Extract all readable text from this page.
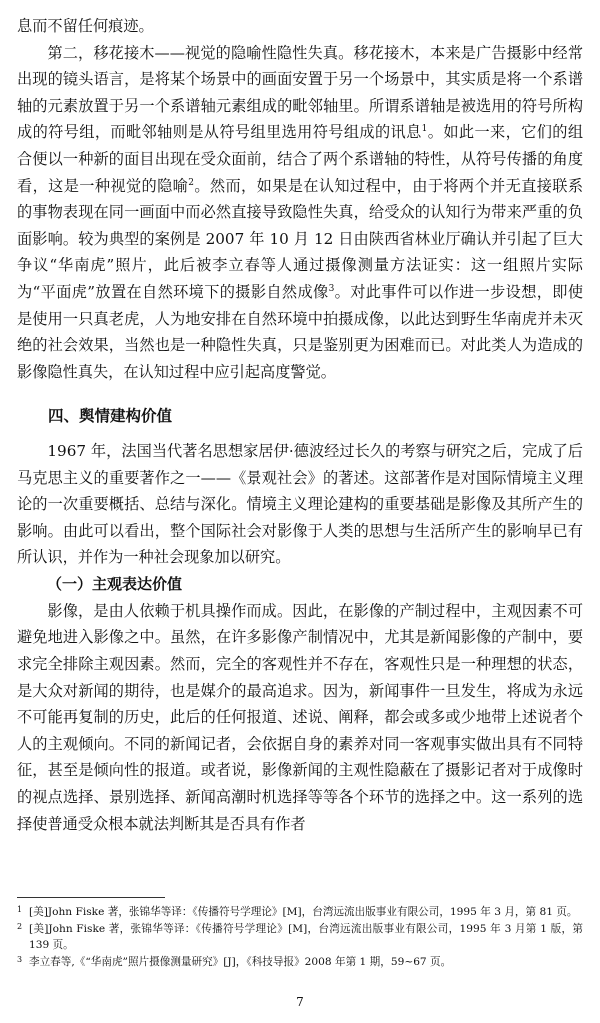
息而不留任何痕迹。

第二，移花接木——视觉的隐喻性隐性失真。移花接木，本来是广告摄影中经常出现的镜头语言，是将某个场景中的画面安置于另一个场景中，其实质是将一个系谱轴的元素放置于另一个系谱轴元素组成的毗邻轴里。所谓系谱轴是被选用的符号所构成的符号组，而毗邻轴则是从符号组里选用符号组成的讯息$^1$。如此一来，它们的组合便以一种新的面目出现在受众面前，结合了两个系谱轴的特性，从符号传播的角度看，这是一种视觉的隐喻$^2$。然而，如果是在认知过程中，由于将两个并无直接联系的事物表现在同一画面中而必然直接导致隐性失真，给受众的认知行为带来严重的负面影响。较为典型的案例是 2007 年 10 月 12 日由陕西省林业厅确认并引起了巨大争议“华南虎”照片，此后被李立春等人通过摄像测量方法证实：这一组照片实际为“平面虎”放置在自然环境下的摄影自然成像$^3$。对此事件可以作进一步设想，即使是使用一只真老虎，人为地安排在自然环境中拍摄成像，以此达到野生华南虎并未灭绝的社会效果，当然也是一种隐性失真，只是鉴别更为困难而已。对此类人为造成的影像隐性真失，在认知过程中应引起高度警觉。

四、舆情建构价值

1967 年，法国当代著名思想家居伊·德波经过长久的考察与研究之后，完成了后马克思主义的重要著作之一——《景观社会》的著述。这部著作是对国际情境主义理论的一次重要概括、总结与深化。情境主义理论建构的重要基础是影像及其所产生的影响。由此可以看出，整个国际社会对影像于人类的思想与生活所产生的影响早已有所认识，并作为一种社会现象加以研究。

（一）主观表达价值

影像，是由人依赖于机具操作而成。因此，在影像的产制过程中，主观因素不可避免地进入影像之中。虽然，在许多影像产制情况中，尤其是新闻影像的产制中，要求完全排除主观因素。然而，完全的客观性并不存在，客观性只是一种理想的状态，是大众对新闻的期待，也是媒介的最高追求。因为，新闻事件一旦发生，将成为永远不可能再复制的历史，此后的任何报道、述说、阐释，都会或多或少地带上述说者个人的主观倾向。不同的新闻记者，会依据自身的素养对同一客观事实做出具有不同特征，甚至是倾向性的报道。或者说，影像新闻的主观性隐蔽在了摄影记者对于成像时的视点选择、景别选择、新闻高潮时机选择等等各个环节的选择之中。这一系列的选择使普通受众根本就法判断其是否具有作者

1 [美]John Fiske 著，张锦华等译：《传播符号学理论》[M]，台湾远流出版事业有限公司，1995 年 3 月，第 81 页。
2 [美]John Fiske 著，张锦华等译：《传播符号学理论》[M]，台湾远流出版事业有限公司，1995 年 3 月第 1 版，第 139 页。
3 李立春等,《“华南虎”照片摄像测量研究》[J]，《科技导报》2008 年第 1 期，59~67 页。
7
